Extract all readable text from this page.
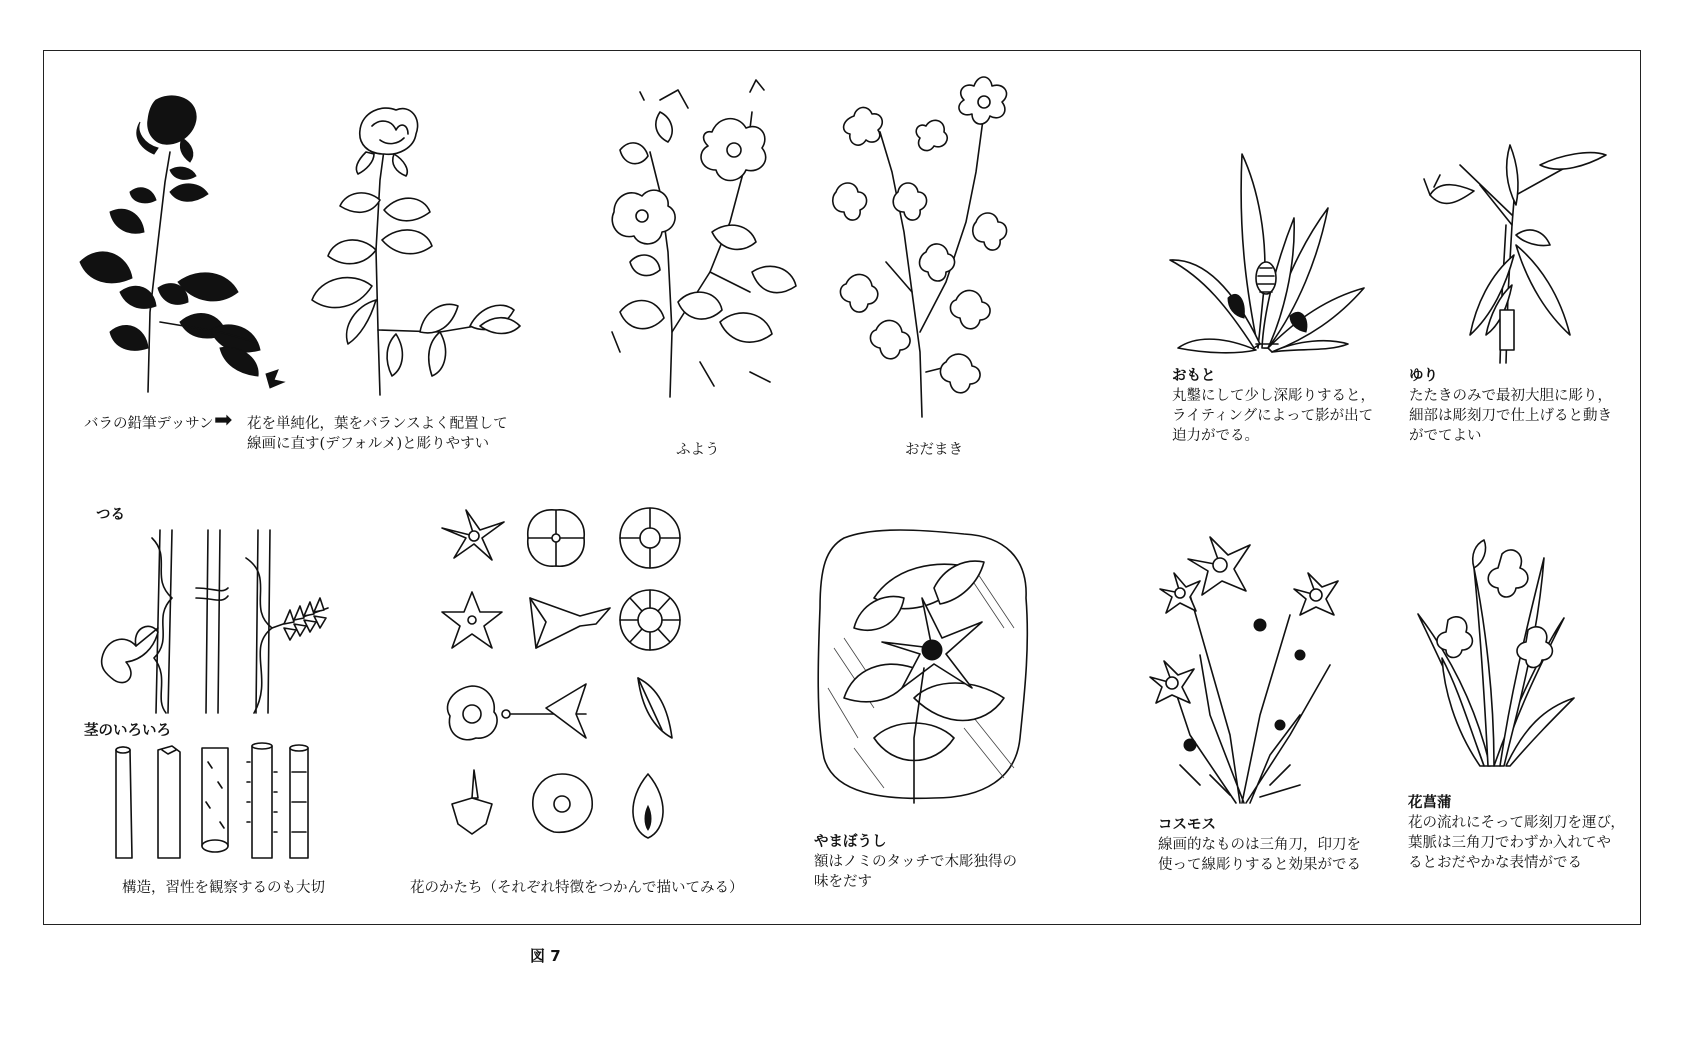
バラの鉛筆デッサン ➡ 花を単純化，葉をバランスよく配置して
線画に直す(デフォルメ)と彫りやすい	ふよう	おだまき
おもと
丸鑿にして少し深彫りすると，
ライティングによって影が出て
迫力がでる。
ゆり
たたきのみで最初大胆に彫り，
細部は彫刻刀で仕上げると動き
がでてよい
つる
茎のいろいろ
構造，習性を観察するのも大切	花のかたち（それぞれ特徴をつかんで描いてみる）
やまぼうし
額はノミのタッチで木彫独得の
味をだす
コスモス
線画的なものは三角刀，印刀を
使って線彫りすると効果がでる
花菖蒲
花の流れにそって彫刻刀を運び，
葉脈は三角刀でわずか入れてや
るとおだやかな表情がでる
図 7
